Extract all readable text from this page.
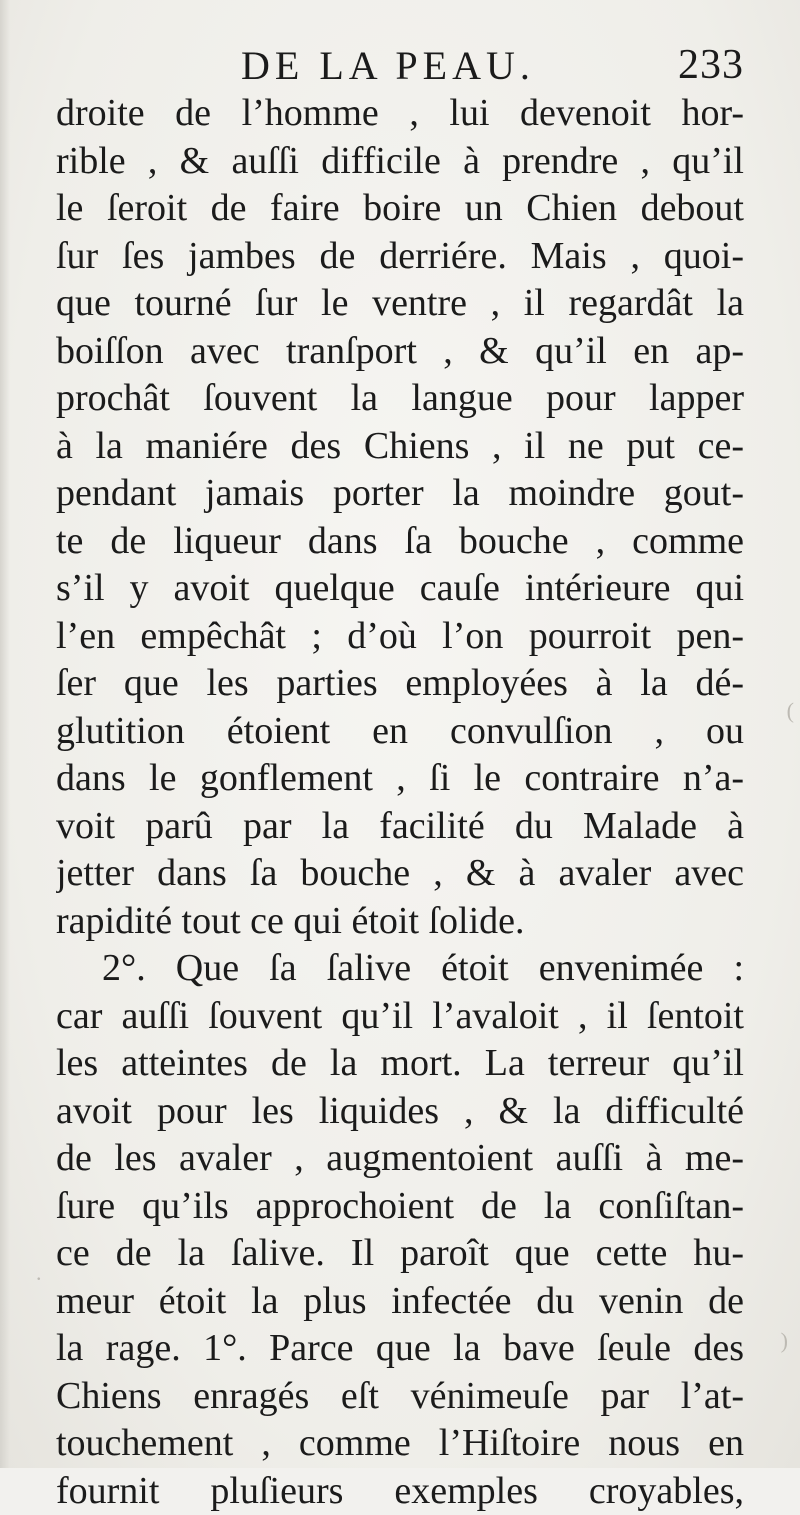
DE LA PEAU.	233
droite de l’homme , lui devenoit hor-
rible , & auſſi difficile à prendre , qu’il
le ſeroit de faire boire un Chien debout
ſur ſes jambes de derriére. Mais , quoi-
que tourné ſur le ventre , il regardât la
boiſſon avec tranſport , & qu’il en ap-
prochât ſouvent la langue pour lapper
à la maniére des Chiens , il ne put ce-
pendant jamais porter la moindre gout-
te de liqueur dans ſa bouche , comme
s’il y avoit quelque cauſe intérieure qui
l’en empêchât ; d’où l’on pourroit pen-
ſer que les parties employées à la dé-
glutition étoient en convulſion , ou
dans le gonflement , ſi le contraire n’a-
voit parû par la facilité du Malade à
jetter dans ſa bouche , & à avaler avec
rapidité tout ce qui étoit ſolide.
2°. Que ſa ſalive étoit envenimée :
car auſſi ſouvent qu’il l’avaloit , il ſentoit
les atteintes de la mort. La terreur qu’il
avoit pour les liquides , & la difficulté
de les avaler , augmentoient auſſi à me-
ſure qu’ils approchoient de la conſiſtan-
ce de la ſalive. Il paroît que cette hu-
meur étoit la plus infectée du venin de
la rage. 1°. Parce que la bave ſeule des
Chiens enragés eſt vénimeuſe par l’at-
touchement , comme l’Hiſtoire nous en
fournit pluſieurs exemples croyables,
(
)
.
